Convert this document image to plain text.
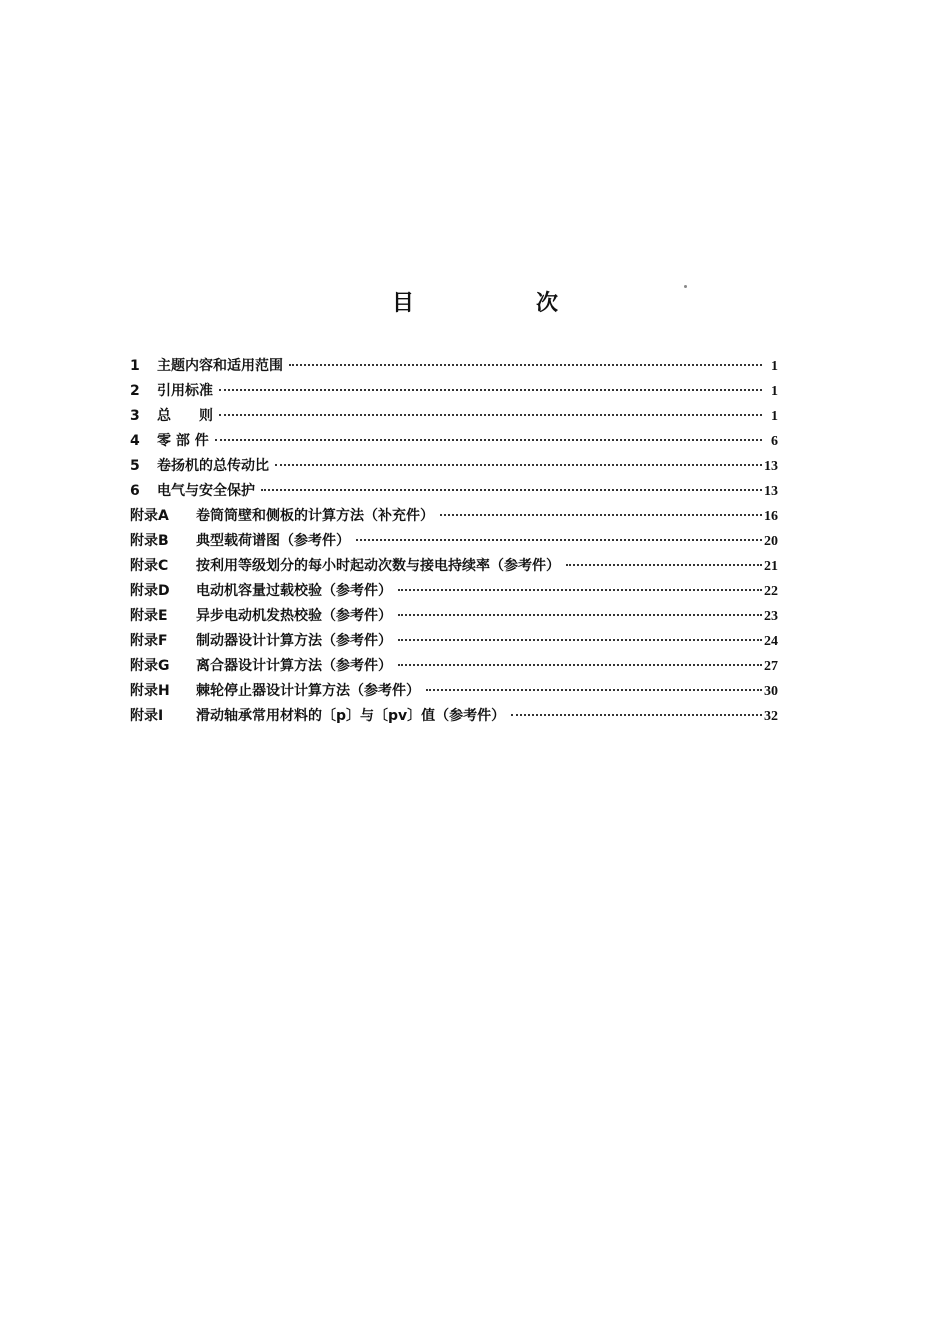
目　次
1	主题内容和适用范围	1
2	引用标准	1
3	总　　则	1
4	零 部 件	6
5	卷扬机的总传动比	13
6	电气与安全保护	13
附录A	卷筒筒壁和侧板的计算方法（补充件）	16
附录B	典型载荷谱图（参考件）	20
附录C	按利用等级划分的每小时起动次数与接电持续率（参考件）	21
附录D	电动机容量过载校验（参考件）	22
附录E	异步电动机发热校验（参考件）	23
附录F	制动器设计计算方法（参考件）	24
附录G	离合器设计计算方法（参考件）	27
附录H	棘轮停止器设计计算方法（参考件）	30
附录I	滑动轴承常用材料的〔p〕与〔pv〕值（参考件）	32
